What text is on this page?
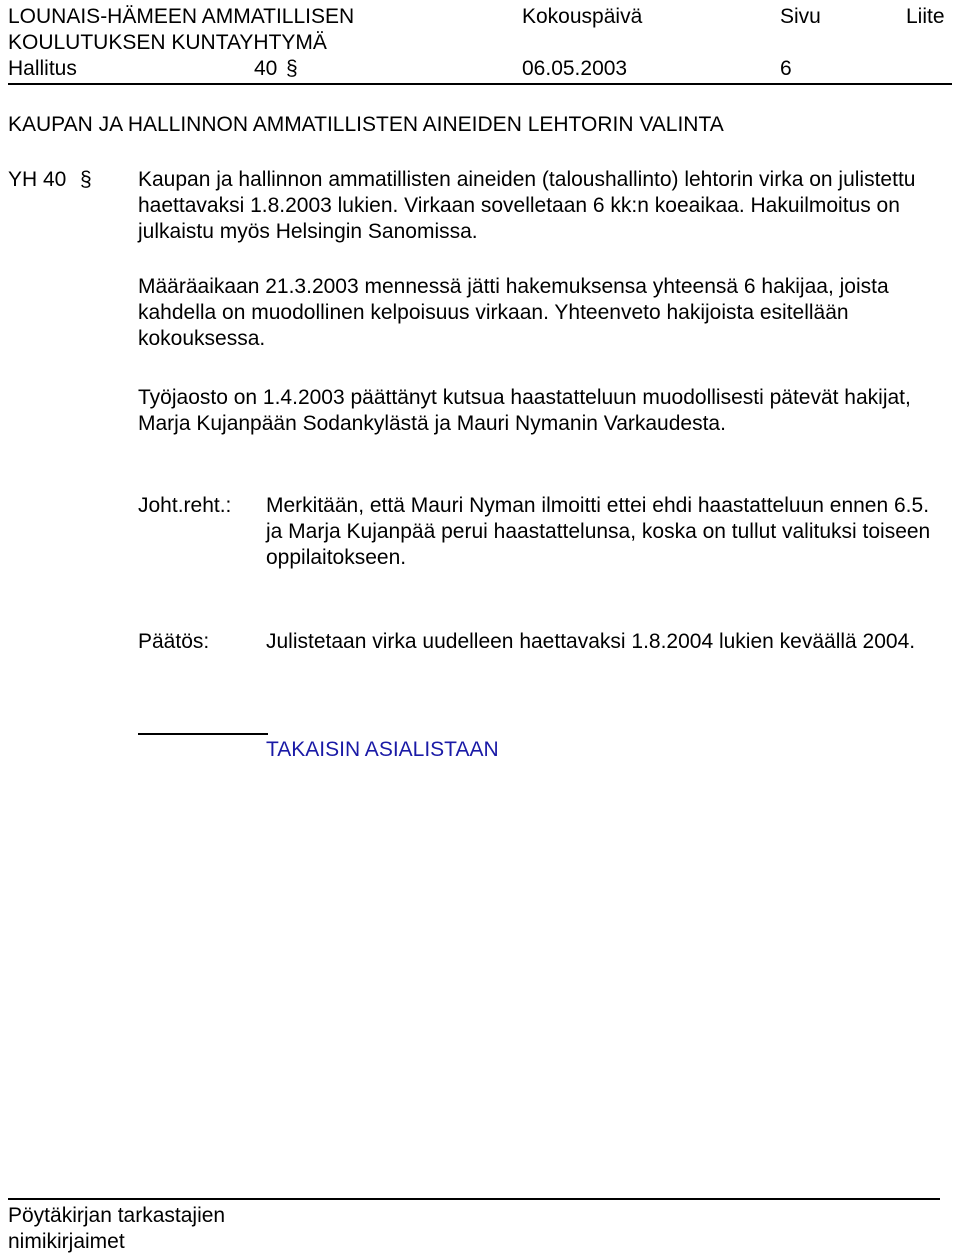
LOUNAIS-HÄMEEN AMMATILLISEN
KOULUTUKSEN KUNTAYHTYMÄ
Kokouspäivä	Sivu	Liite
Hallitus	40 §	06.05.2003	6
KAUPAN JA HALLINNON AMMATILLISTEN AINEIDEN LEHTORIN VALINTA
YH 40 § Kaupan ja hallinnon ammatillisten aineiden (taloushallinto) lehtorin virka on julistettu haettavaksi 1.8.2003 lukien. Virkaan sovelletaan 6 kk:n koeaikaa. Hakuilmoitus on julkaistu myös Helsingin Sanomissa.
Määräaikaan 21.3.2003 mennessä jätti hakemuksensa yhteensä 6 hakijaa, joista kahdella on muodollinen kelpoisuus virkaan. Yhteenveto hakijoista esitellään kokouksessa.
Työjaosto on 1.4.2003 päättänyt kutsua haastatteluun muodollisesti pätevät hakijat, Marja Kujanpään Sodankylästä ja Mauri Nymanin Varkaudesta.
Joht.reht.: Merkitään, että Mauri Nyman ilmoitti ettei ehdi haastatteluun ennen 6.5. ja Marja Kujanpää perui haastattelunsa, koska on tullut valituksi toiseen oppilaitokseen.
Päätös:	Julistetaan virka uudelleen haettavaksi 1.8.2004 lukien keväällä 2004.
TAKAISIN ASIALISTAAN
Pöytäkirjan tarkastajien
nimikirjaimet
